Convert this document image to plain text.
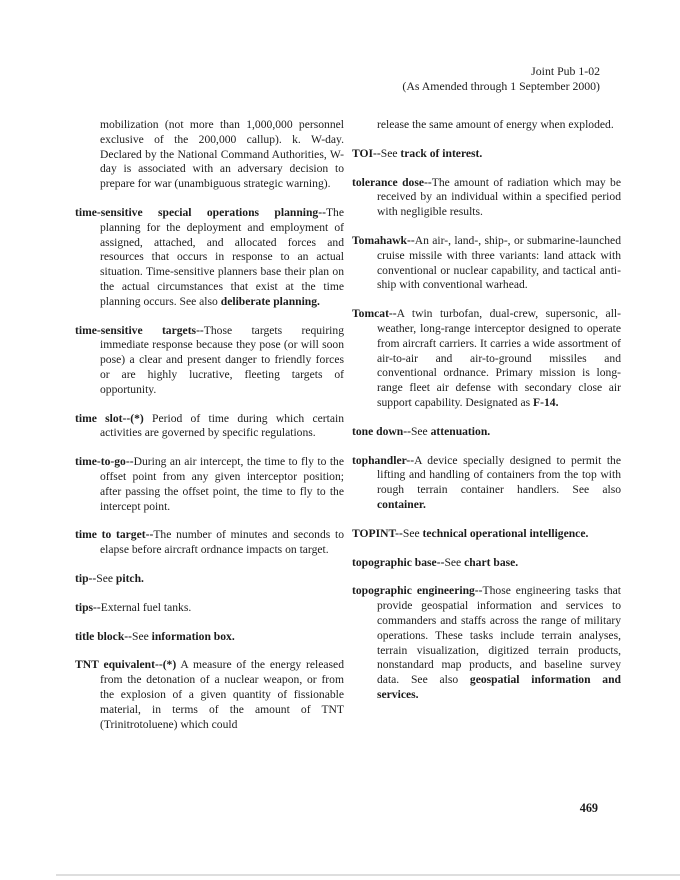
Joint Pub 1-02
(As Amended through 1 September 2000)

mobilization (not more than 1,000,000 personnel exclusive of the 200,000 callup). k. W-day. Declared by the National Command Authorities, W-day is associated with an adversary decision to prepare for war (unambiguous strategic warning).

time-sensitive special operations planning--The planning for the deployment and employment of assigned, attached, and allocated forces and resources that occurs in response to an actual situation. Time-sensitive planners base their plan on the actual circumstances that exist at the time planning occurs. See also deliberate planning.

time-sensitive targets--Those targets requiring immediate response because they pose (or will soon pose) a clear and present danger to friendly forces or are highly lucrative, fleeting targets of opportunity.

time slot--(*) Period of time during which certain activities are governed by specific regulations.

time-to-go--During an air intercept, the time to fly to the offset point from any given interceptor position; after passing the offset point, the time to fly to the intercept point.

time to target--The number of minutes and seconds to elapse before aircraft ordnance impacts on target.

tip--See pitch.

tips--External fuel tanks.

title block--See information box.

TNT equivalent--(*) A measure of the energy released from the detonation of a nuclear weapon, or from the explosion of a given quantity of fissionable material, in terms of the amount of TNT (Trinitrotoluene) which could

release the same amount of energy when exploded.

TOI--See track of interest.

tolerance dose--The amount of radiation which may be received by an individual within a specified period with negligible results.

Tomahawk--An air-, land-, ship-, or submarine-launched cruise missile with three variants: land attack with conventional or nuclear capability, and tactical anti-ship with conventional warhead.

Tomcat--A twin turbofan, dual-crew, supersonic, all-weather, long-range interceptor designed to operate from aircraft carriers. It carries a wide assortment of air-to-air and air-to-ground missiles and conventional ordnance. Primary mission is long-range fleet air defense with secondary close air support capability. Designated as F-14.

tone down--See attenuation.

tophandler--A device specially designed to permit the lifting and handling of containers from the top with rough terrain container handlers. See also container.

TOPINT--See technical operational intelligence.

topographic base--See chart base.

topographic engineering--Those engineering tasks that provide geospatial information and services to commanders and staffs across the range of military operations. These tasks include terrain analyses, terrain visualization, digitized terrain products, nonstandard map products, and baseline survey data. See also geospatial information and services.

469
